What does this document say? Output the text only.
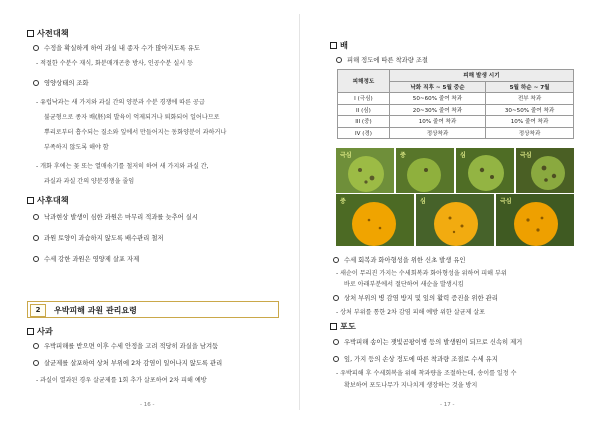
사전대책
수정을 확실하게 하여 과실 내 종자 수가 많아지도록 유도
- 적절한 수분수 재식, 화분매개곤충 방사, 인공수분 실시 등
영양상태의 조화
- 유럽낙과는 새 가지와 과실 간의 양분과 수분 경쟁에 따른 공급
불균형으로 종자 배(胚)의 발육이 억제되거나 퇴화되어 일어나므로
뿌리로부터 흡수되는 질소와 잎에서 만들어지는 동화양분이 과하거나
부족하지 않도록 해야 함
- 개화 후에는 꽃 또는 열매솎기를 철저히 하여 새 가지와 과실 간,
과실과 과실 간의 양분경쟁을 줄임
사후대책
낙과현상 발생이 심한 과원은 마무리 적과를 늦추어 실시
과원 토양이 과습하지 않도록 배수관리 철저
수세 강한 과원은 영양제 살포 자제
2	우박피해 과원 관리요령
사과
우박피해를 받으면 이후 수세 안정을 고려 적당히 과실을 남겨둠
살균제를 살포하여 상처 부위에 2차 감염이 일어나지 않도록 관리
- 과실이 열과된 경우 살균제를 1회 추가 살포하여 2차 피해 예방
- 16 -
배
피해 정도에 따른 착과량 조절
피해정도	피해 발생 시기	
	낙화 직후 ~ 5월 중순	5월 하순 ~ 7월
I (극심)	50~60% 줄여 착과	전부 착과
II (심)	20~30% 줄여 착과	30~50% 줄여 착과
III (중)	10% 줄여 착과	10% 줄여 착과
IV (경)	정상착과	정상착과
극심	중	심	극심
중	심	극심
수세 회복과 화아형성을 위한 신초 발생 유인
- 새순이 무리진 가지는 수세회복과 화아형성을 위하여 피해 부위
바로 아래부분에서 절단하여 새순을 발생시킴
상처 부위의 병 감염 방지 및 잎의 활력 증진을 위한 관리
- 상처 부위를 통한 2차 감염 피해 예방 위한 살균제 살포
포도
우박피해 송이는 잿빛곰팡이병 등의 발생원이 되므로 신속히 제거
잎, 가지 등의 손상 정도에 따른 착과량 조절로 수세 유지
- 우박피해 후 수세회복을 위해 착과량을 조절하는데, 송이를 일정 수
확보하여 포도나무가 지나치게 생장하는 것을 방지
- 17 -
